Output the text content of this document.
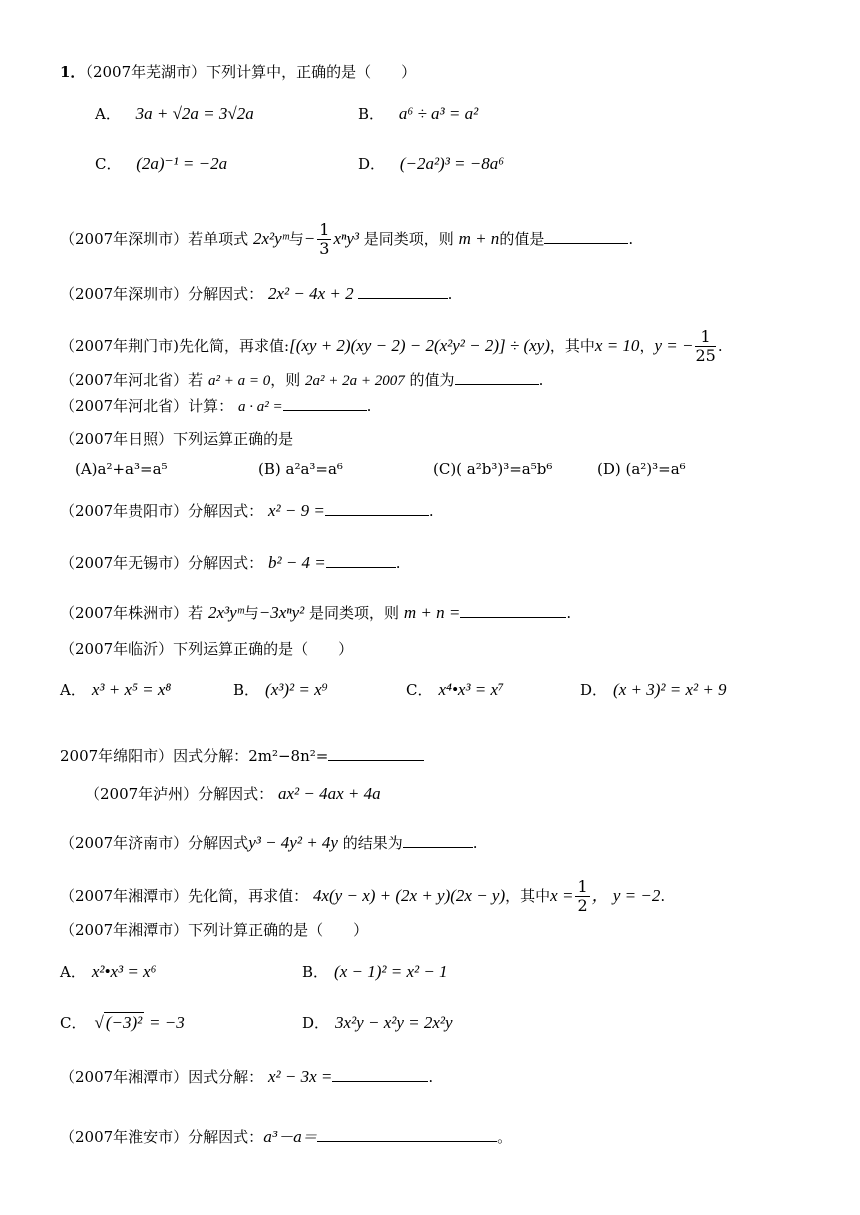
1．（2007年芜湖市）下列计算中，正确的是（　　）
A． 3a + √2a = 3√2a	B． a⁶ ÷ a³ = a²
C． (2a)⁻¹ = −2a	D． (−2a²)³ = −8a⁶
（2007年深圳市）若单项式 2x²yᵐ与− $\frac{1}{3} x^ny^3$ 是同类项，则 m + n的值是	.
（2007年深圳市）分解因式： 2x² − 4x + 2	.
（2007年荆门市)先化简，再求值:[(xy + 2)(xy − 2) − 2(x²y² − 2)] ÷ (xy)，其中x = 10，y = − $\frac{1}{25}$ .
（2007年河北省）若 a² + a = 0，则 2a² + 2a + 2007 的值为	.
（2007年河北省）计算： a · a² =	.
（2007年日照）下列运算正确的是
(A)a²+a³=a⁵	(B) a²a³=a⁶	(C)( a²b³)³=a⁵b⁶	(D) (a²)³=a⁶
（2007年贵阳市）分解因式： x² − 9 =	.
（2007年无锡市）分解因式： b² − 4 =	.
（2007年株洲市）若 2x³yᵐ与−3xⁿy² 是同类项，则 m + n =	.
（2007年临沂）下列运算正确的是（　　）
A． x³ + x⁵ = x⁸	B． (x³)² = x⁹	C． x⁴•x³ = x⁷	D． (x + 3)² = x² + 9
2007年绵阳市）因式分解：2m²−8n²=
（2007年泸州）分解因式： ax² − 4ax + 4a
（2007年济南市）分解因式y³ − 4y² + 4y 的结果为	.
（2007年湘潭市）先化简，再求值： 4x(y − x) + (2x + y)(2x − y)，其中$x = \frac{1}{2}$ ， y = −2.
（2007年湘潭市）下列计算正确的是（　　）
A． x²•x³ = x⁶	B． (x − 1)² = x² − 1
C． √ (−3)² = −3	D． 3x²y − x²y = 2x²y
（2007年湘潭市）因式分解： x² − 3x =	.
（2007年淮安市）分解因式：a³－a＝	。
